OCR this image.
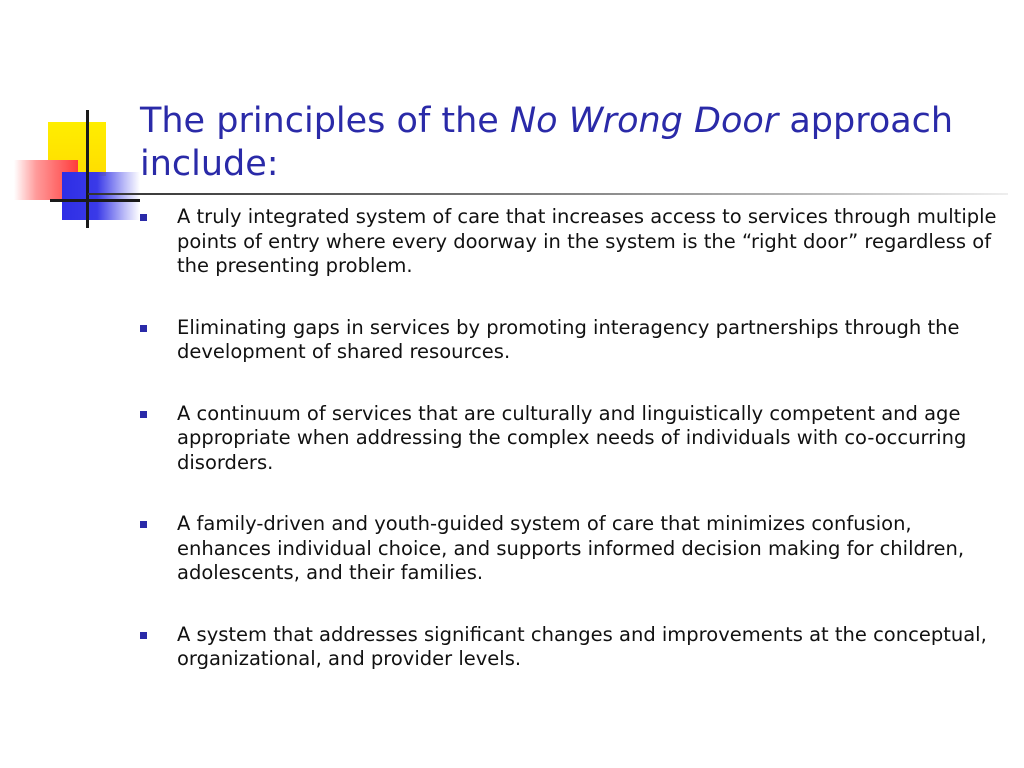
The principles of the No Wrong Door approach include:
A truly integrated system of care that increases access to services through multiple points of entry where every doorway in the system is the “right door” regardless of the presenting problem.
Eliminating gaps in services by promoting interagency partnerships through the development of shared resources.
A continuum of services that are culturally and linguistically competent and age appropriate when addressing the complex needs of individuals with co-occurring disorders.
A family-driven and youth-guided system of care that minimizes confusion, enhances individual choice, and supports informed decision making for children, adolescents, and their families.
A system that addresses significant changes and improvements at the conceptual, organizational, and provider levels.
